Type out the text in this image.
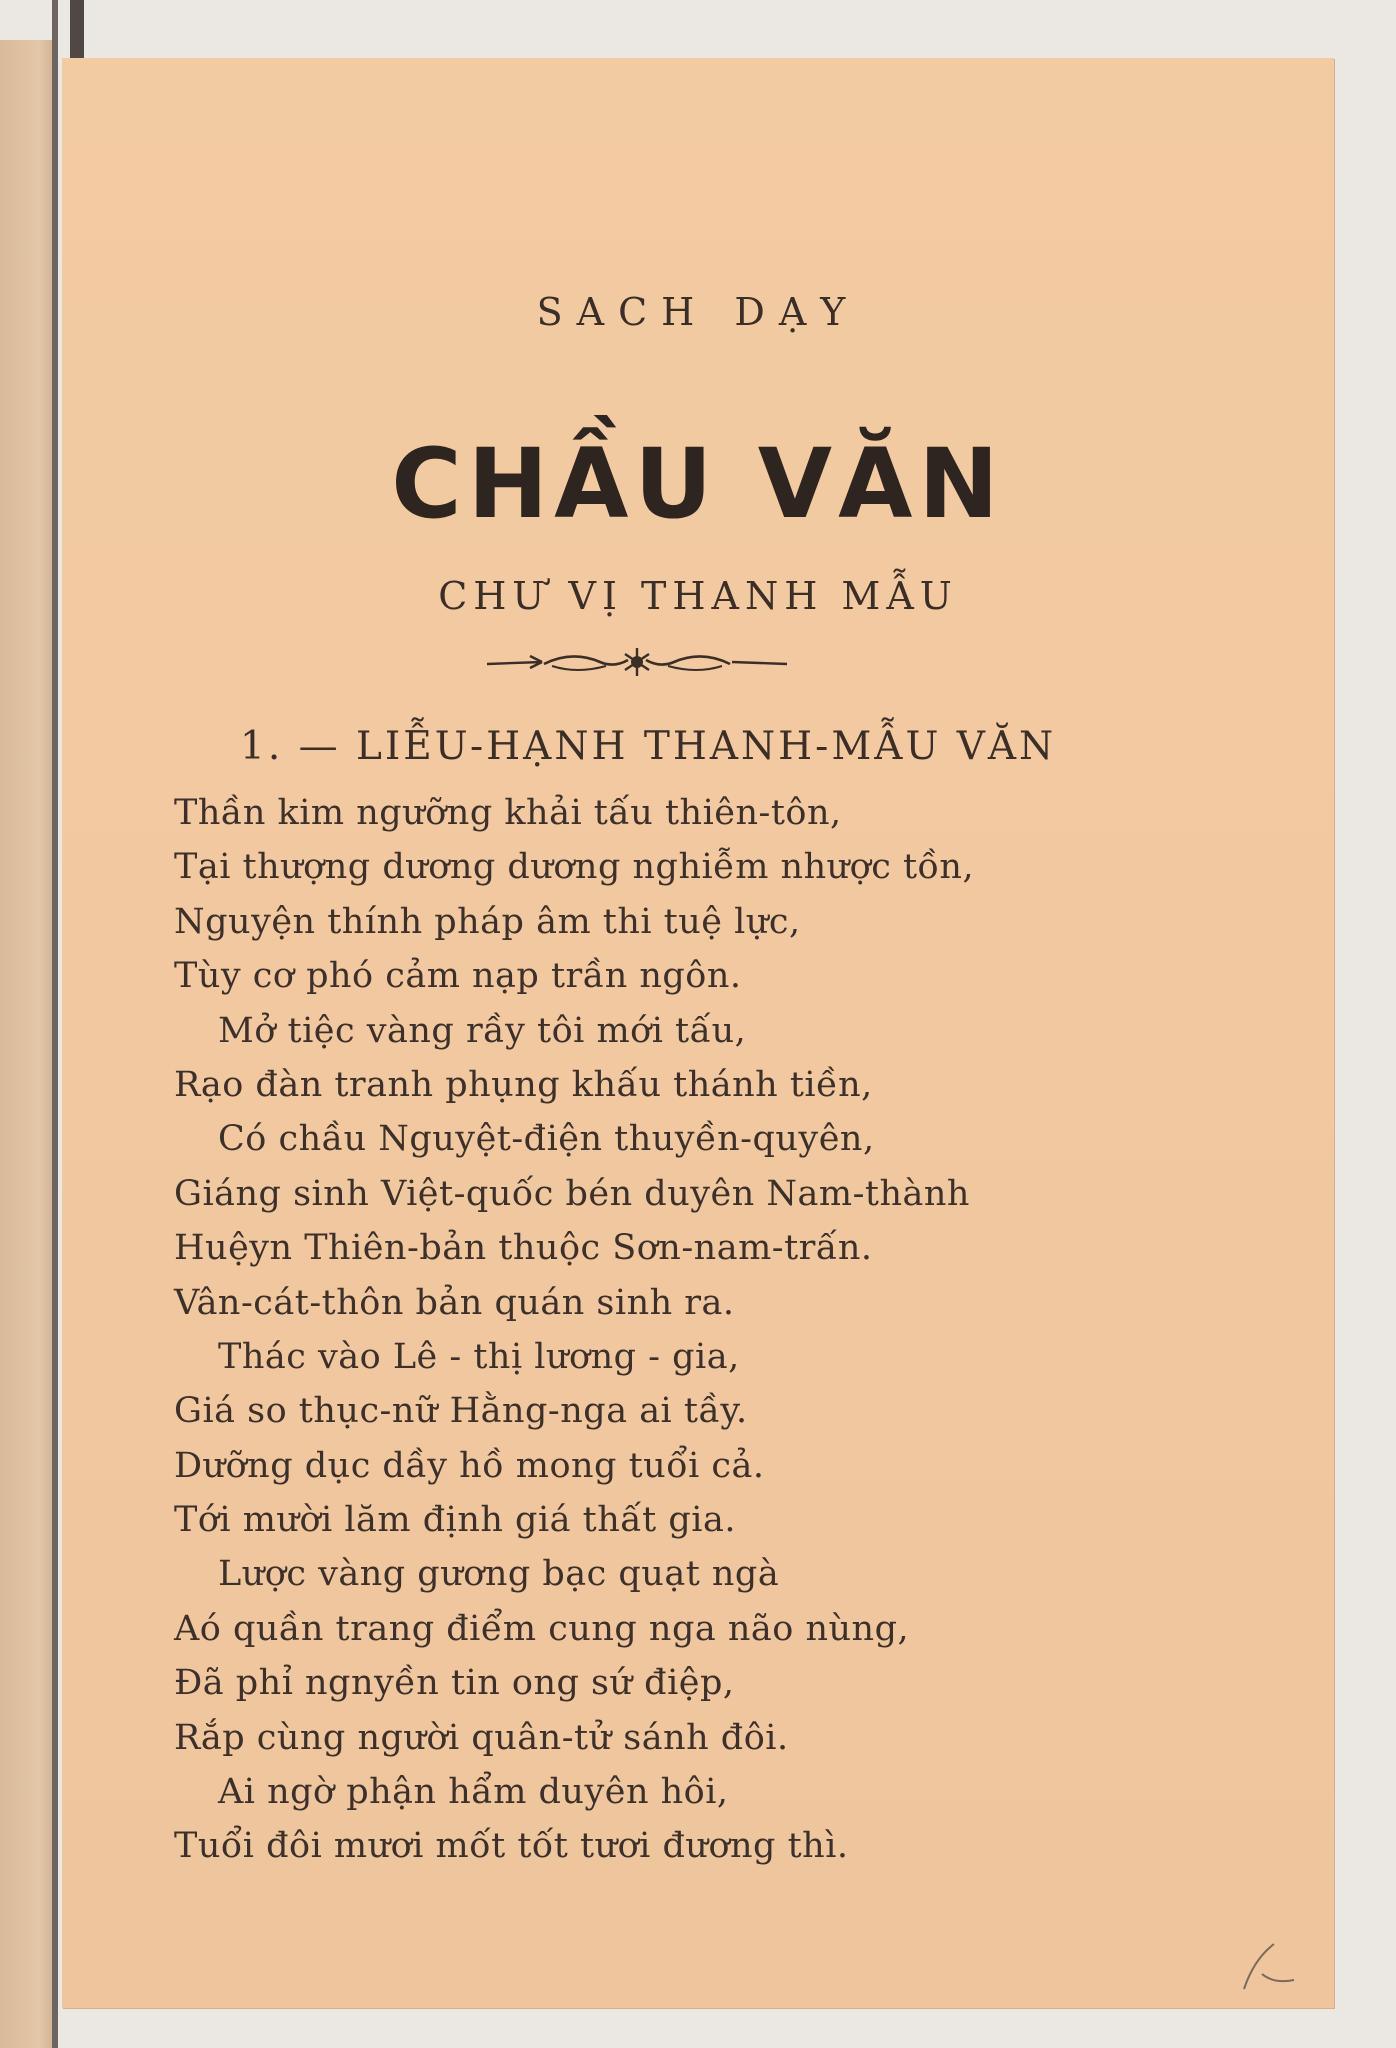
SACH DẠY
CHẦU VĂN
CHƯ VỊ THANH MẪU
1. — LIỄU-HẠNH THANH-MẪU VĂN
Thần kim ngưỡng khải tấu thiên-tôn,
Tại thượng dương dương nghiễm nhược tồn,
Nguyện thính pháp âm thi tuệ lực,
Tùy cơ phó cảm nạp trần ngôn.
Mở tiệc vàng rầy tôi mới tấu,
Rạo đàn tranh phụng khấu thánh tiền,
Có chầu Nguyệt-điện thuyền-quyên,
Giáng sinh Việt-quốc bén duyên Nam-thành
Huệyn Thiên-bản thuộc Sơn-nam-trấn.
Vân-cát-thôn bản quán sinh ra.
Thác vào Lê - thị lương - gia,
Giá so thục-nữ Hằng-nga ai tầy.
Dưỡng dục dầy hồ mong tuổi cả.
Tới mười lăm định giá thất gia.
Lược vàng gương bạc quạt ngà
Aó quần trang điểm cung nga não nùng,
Đã phỉ ngnyền tin ong sứ điệp,
Rắp cùng người quân-tử sánh đôi.
Ai ngờ phận hẩm duyên hôi,
Tuổi đôi mươi mốt tốt tươi đương thì.
